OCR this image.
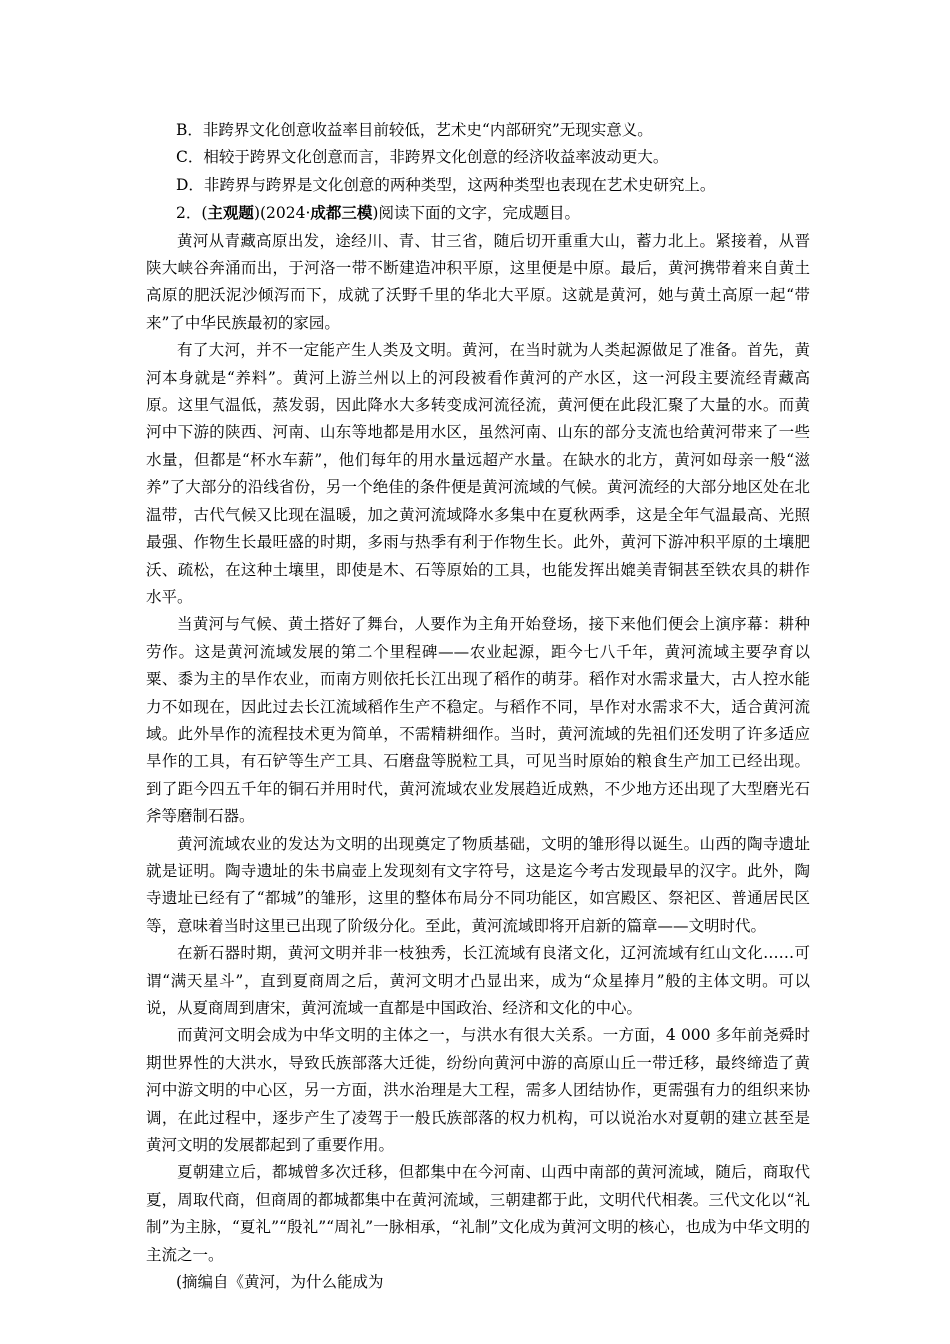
B．非跨界文化创意收益率目前较低，艺术史“内部研究”无现实意义。

C．相较于跨界文化创意而言，非跨界文化创意的经济收益率波动更大。

D．非跨界与跨界是文化创意的两种类型，这两种类型也表现在艺术史研究上。

2．(主观题)(2024·成都三模)阅读下面的文字，完成题目。

黄河从青藏高原出发，途经川、青、甘三省，随后切开重重大山，蓄力北上。紧接着，从晋陕大峡谷奔涌而出，于河洛一带不断建造冲积平原，这里便是中原。最后，黄河携带着来自黄土高原的肥沃泥沙倾泻而下，成就了沃野千里的华北大平原。这就是黄河，她与黄土高原一起“带来”了中华民族最初的家园。

有了大河，并不一定能产生人类及文明。黄河，在当时就为人类起源做足了准备。首先，黄河本身就是“养料”。黄河上游兰州以上的河段被看作黄河的产水区，这一河段主要流经青藏高原。这里气温低，蒸发弱，因此降水大多转变成河流径流，黄河便在此段汇聚了大量的水。而黄河中下游的陕西、河南、山东等地都是用水区，虽然河南、山东的部分支流也给黄河带来了一些水量，但都是“杯水车薪”，他们每年的用水量远超产水量。在缺水的北方，黄河如母亲一般“滋养”了大部分的沿线省份，另一个绝佳的条件便是黄河流域的气候。黄河流经的大部分地区处在北温带，古代气候又比现在温暖，加之黄河流域降水多集中在夏秋两季，这是全年气温最高、光照最强、作物生长最旺盛的时期，多雨与热季有利于作物生长。此外，黄河下游冲积平原的土壤肥沃、疏松，在这种土壤里，即使是木、石等原始的工具，也能发挥出媲美青铜甚至铁农具的耕作水平。

当黄河与气候、黄土搭好了舞台，人要作为主角开始登场，接下来他们便会上演序幕：耕种劳作。这是黄河流域发展的第二个里程碑——农业起源，距今七八千年，黄河流域主要孕育以粟、黍为主的旱作农业，而南方则依托长江出现了稻作的萌芽。稻作对水需求量大，古人控水能力不如现在，因此过去长江流域稻作生产不稳定。与稻作不同，旱作对水需求不大，适合黄河流域。此外旱作的流程技术更为简单，不需精耕细作。当时，黄河流域的先祖们还发明了许多适应旱作的工具，有石铲等生产工具、石磨盘等脱粒工具，可见当时原始的粮食生产加工已经出现。到了距今四五千年的铜石并用时代，黄河流域农业发展趋近成熟，不少地方还出现了大型磨光石斧等磨制石器。

黄河流域农业的发达为文明的出现奠定了物质基础，文明的雏形得以诞生。山西的陶寺遗址就是证明。陶寺遗址的朱书扁壶上发现刻有文字符号，这是迄今考古发现最早的汉字。此外，陶寺遗址已经有了“都城”的雏形，这里的整体布局分不同功能区，如宫殿区、祭祀区、普通居民区等，意味着当时这里已出现了阶级分化。至此，黄河流域即将开启新的篇章——文明时代。

在新石器时期，黄河文明并非一枝独秀，长江流域有良渚文化，辽河流域有红山文化……可谓“满天星斗”，直到夏商周之后，黄河文明才凸显出来，成为“众星捧月”般的主体文明。可以说，从夏商周到唐宋，黄河流域一直都是中国政治、经济和文化的中心。

而黄河文明会成为中华文明的主体之一，与洪水有很大关系。一方面，4 000 多年前尧舜时期世界性的大洪水，导致氏族部落大迁徙，纷纷向黄河中游的高原山丘一带迁移，最终缔造了黄河中游文明的中心区，另一方面，洪水治理是大工程，需多人团结协作，更需强有力的组织来协调，在此过程中，逐步产生了凌驾于一般氏族部落的权力机构，可以说治水对夏朝的建立甚至是黄河文明的发展都起到了重要作用。

夏朝建立后，都城曾多次迁移，但都集中在今河南、山西中南部的黄河流域，随后，商取代夏，周取代商，但商周的都城都集中在黄河流域，三朝建都于此，文明代代相袭。三代文化以“礼制”为主脉，“夏礼”“殷礼”“周礼”一脉相承，“礼制”文化成为黄河文明的核心，也成为中华文明的主流之一。

(摘编自《黄河，为什么能成为
